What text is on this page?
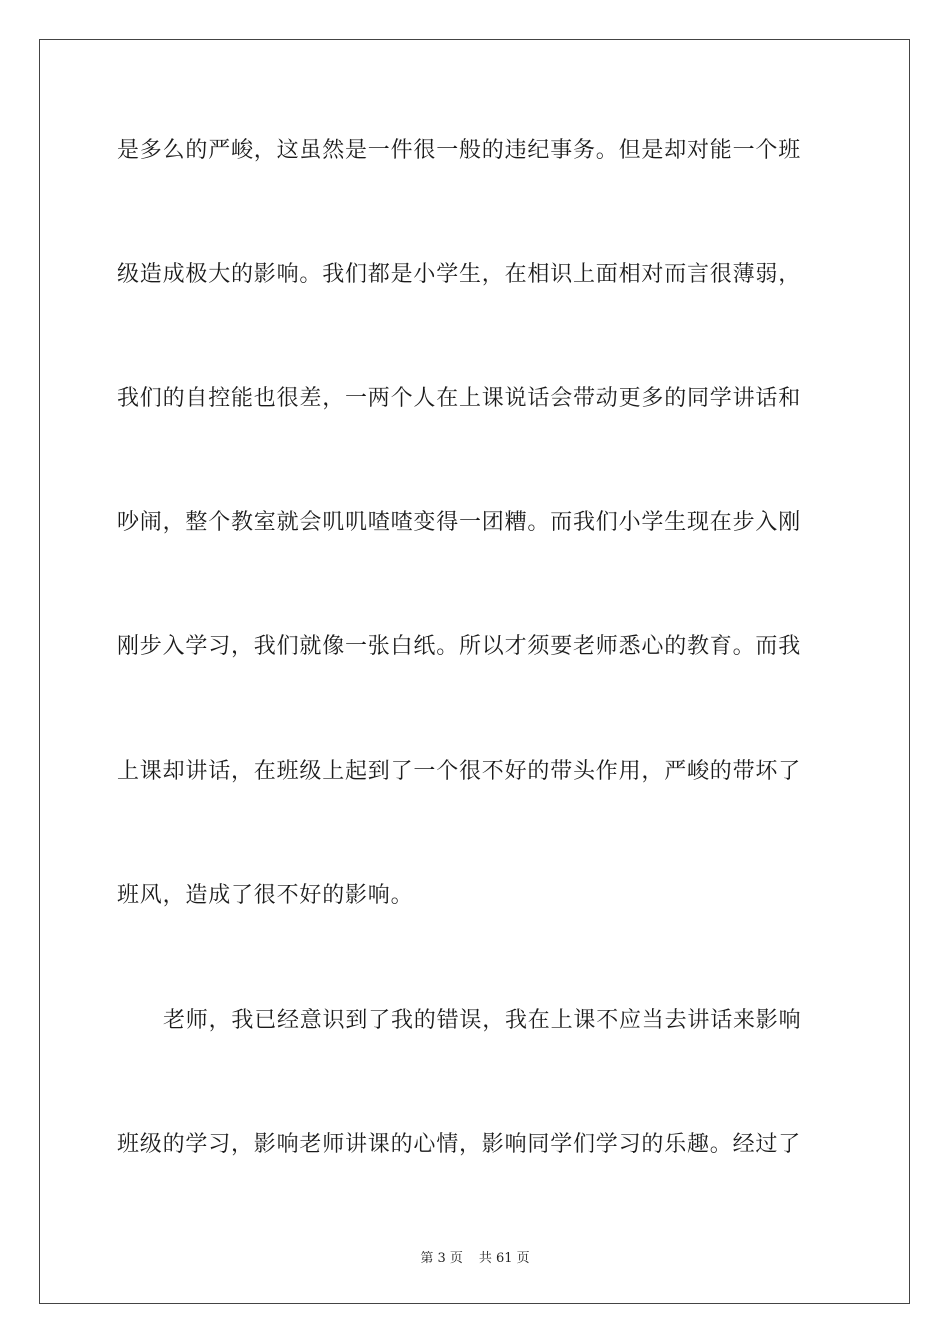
是多么的严峻，这虽然是一件很一般的违纪事务。但是却对能一个班
级造成极大的影响。我们都是小学生，在相识上面相对而言很薄弱，
我们的自控能也很差，一两个人在上课说话会带动更多的同学讲话和
吵闹，整个教室就会叽叽喳喳变得一团糟。而我们小学生现在步入刚
刚步入学习，我们就像一张白纸。所以才须要老师悉心的教育。而我
上课却讲话，在班级上起到了一个很不好的带头作用，严峻的带坏了
班风，造成了很不好的影响。
老师，我已经意识到了我的错误，我在上课不应当去讲话来影响
班级的学习，影响老师讲课的心情，影响同学们学习的乐趣。经过了
第 3 页 共 61 页
